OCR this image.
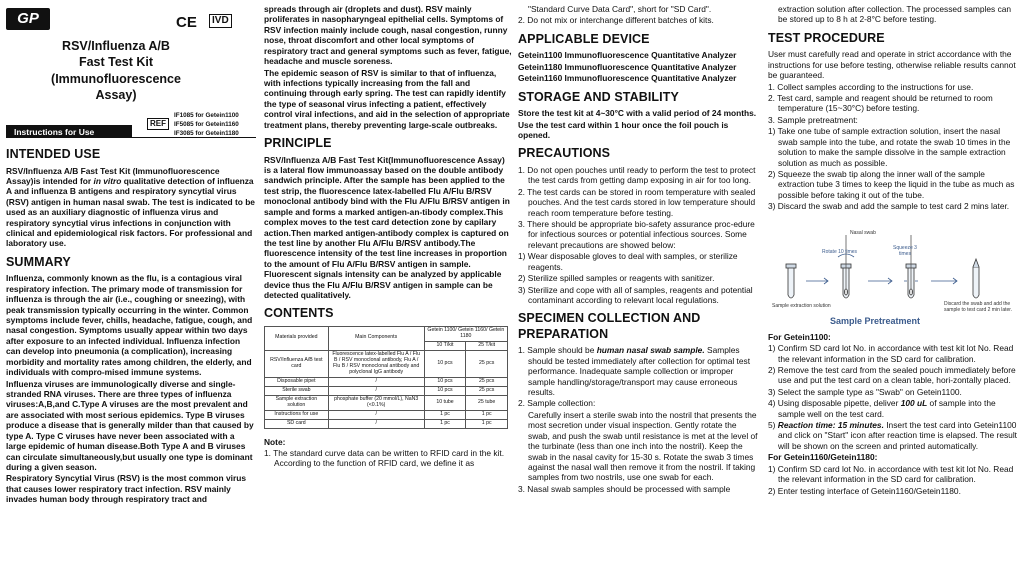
GP	CE	IVD
RSV/Influenza A/B
Fast Test Kit
(Immunofluorescence Assay)
REF
IF1085 for Getein1100
IF5085 for Getein1160
IF3085 for Getein1180
Instructions for Use
INTENDED USE

RSV/Influenza A/B Fast Test Kit (Immunofluorescence Assay)is intended for in vitro qualitative detection of influenza A and influenza B antigens and respiratory syncytial virus (RSV) antigen in human nasal swab. The test is indicated to be used as an auxiliary diagnostic of influenza virus and respiratory syncytial virus infections in conjunction with clinical and epidemiological risk factors. For professional and laboratory use.

SUMMARY

Influenza, commonly known as the flu, is a contagious viral respiratory infection. The primary mode of transmission for influenza is through the air (i.e., coughing or sneezing), with peak transmission typically occurring in the winter. Common symptoms include fever, chills, headache, fatigue, cough, and nasal congestion. Symptoms usually appear within two days after exposure to an infected individual. Influenza infection can develop into pneumonia (a complication), increasing morbidity and mortality rates among children, the elderly, and individuals with compro-mised immune systems.

Influenza viruses are immunologically diverse and single-stranded RNA viruses. There are three types of influenza viruses:A,B,and C.Type A viruses are the most prevalent and are associated with most serious epidemics. Type B viruses produce a disease that is generally milder than that caused by type A. Type C viruses have never been associated with a large epidemic of human disease.Both Type A and B viruses can circulate simultaneously,but usually one type is dominant during a given season.

Respiratory Syncytial Virus (RSV) is the most common virus that causes lower respiratory tract infection. RSV mainly invades human body through respiratory tract and

spreads through air (droplets and dust). RSV mainly proliferates in nasopharyngeal epithelial cells. Symptoms of RSV infection mainly include cough, nasal congestion, runny nose, throat discomfort and other local symptoms of respiratory tract and general symptoms such as fever, fatigue, headache and muscle soreness.

The epidemic season of RSV is similar to that of influenza, with infections typically increasing from the fall and continuing through early spring. The test can rapidly identify the type of seasonal virus infecting a patient, effectively control viral infections, and aid in the selection of appropriate treatment plans, thereby preventing large-scale outbreaks.

PRINCIPLE

RSV/Influenza A/B Fast Test Kit(Immunofluorescence Assay) is a lateral flow immunoassay based on the double antibody sandwich principle. After the sample has been applied to the test strip, the fluorescence latex-labelled Flu A/Flu B/RSV monoclonal antibody bind with the Flu A/Flu B/RSV antigen in sample and forms a marked antigen-an-tibody complex.This complex moves to the test card detection zone by capilary action.Then marked antigen-antibody complex is captured on the test line by another Flu A/Flu B/RSV antibody.The fluorescence intensity of the test line increases in proportion to the amount of Flu A/Flu B/RSV antigen in sample. Fluorescent signals intensity can be analyzed by applicable device thus the Flu A/Flu B/RSV antigen in sample can be detected qualitatively.

CONTENTS
Materials provided	Main Components	Getein 1100/ Getein 1160/ Getein 1180	
		10 T/kit	25 T/kit
RSV/Influenza A/B test card	Fluorescence latex-labelled Flu A / Flu B / RSV monoclonal antibody, Flu A / Flu B / RSV monoclonal antibody and polyclonal IgG antibody	10 pcs	25 pcs
Disposable pipet	/	10 pcs	25 pcs
Sterile swab	/	10 pcs	25 pcs
Sample extraction solution	phosphate buffer (20 mmol/L), NaN3 (<0.1%)	10 tube	25 tube
Instructions for use	/	1 pc	1 pc
SD card	/	1 pc	1 pc

Note:

1. The standard curve data can be written to RFID card in the kit. According to the function of RFID card, we define it as

"Standard Curve Data Card", short for "SD Card".

2. Do not mix or interchange different batches of kits.

APPLICABLE DEVICE

Getein1100 Immunofluorescence Quantitative Analyzer

Getein1180 Immunofluorescence Quantitative Analyzer

Getein1160 Immunofluorescence Quantitative Analyzer

STORAGE AND STABILITY

Store the test kit at 4~30°C with a valid period of 24 months.

Use the test card within 1 hour once the foil pouch is opened.

PRECAUTIONS

1. Do not open pouches until ready to perform the test to protect the test cards from getting damp exposing in air for too long.

2. The test cards can be stored in room temperature with sealed pouches. And the test cards stored in low temperature should reach room temperature before testing.

3. There should be appropriate bio-safety assurance proc-edure for infectious sources or potential infectious sources. Some relevant precautions are showed below:

1) Wear disposable gloves to deal with samples, or sterilize reagents.

2) Sterilize spilled samples or reagents with sanitizer.

3) Sterilize and cope with all of samples, reagents and potential contaminant according to relevant local regulations.

SPECIMEN COLLECTION AND PREPARATION

1. Sample should be human nasal swab sample. Samples should be tested immediately after collection for optimal test performance. Inadequate sample collection or improper sample handling/storage/transport may cause erroneous results.

2. Sample collection:

Carefully insert a sterile swab into the nostril that presents the most secretion under visual inspection. Gently rotate the swab, and push the swab until resistance is met at the level of the turbinate (less than one inch into the nostril). Keep the swab in the nasal cavity for 15-30 s. Rotate the swab 3 times against the nasal wall then remove it from the nostril. If taking samples from two nostrils, use one swab for each.

3. Nasal swab samples should be processed with sample

extraction solution after collection. The processed samples can be stored up to 8 h at 2-8°C before testing.

TEST PROCEDURE

User must carefully read and operate in strict accordance with the instructions for use before testing, otherwise reliable results cannot be guaranteed.

1. Collect samples according to the instructions for use.

2. Test card, sample and reagent should be returned to room temperature (15~30°C) before testing.

3. Sample pretreatment:

1) Take one tube of sample extraction solution, insert the nasal swab sample into the tube, and rotate the swab 10 times in the solution to make the sample dissolve in the sample extraction solution as much as possible.

2) Squeeze the swab tip along the inner wall of the sample extraction tube 3 times to keep the liquid in the tube as much as possible before taking it out of the tube.

3) Discard the swab and add the sample to test card 2 mins later.

Nasal swab
Rotate 10 times
Squeeze 3 times
Sample extraction solution	Discard the swab and add the sample to test card 2 min later.
Sample Pretreatment

For Getein1100:

1) Confirm SD card lot No. in accordance with test kit lot No. Read the relevant information in the SD card for calibration.

2) Remove the test card from the sealed pouch immediately before use and put the test card on a clean table, hori-zontally placed.

3) Select the sample type as "Swab" on Getein1100.

4) Using disposable pipette, deliver 100 uL of sample into the sample well on the test card.

5) Reaction time: 15 minutes. Insert the test card into Getein1100 and click on "Start" icon after reaction time is elapsed. The result will be shown on the screen and printed automatically.

For Getein1160/Getein1180:

1) Confirm SD card lot No. in accordance with test kit lot No. Read the relevant information in the SD card for calibration.

2) Enter testing interface of Getein1160/Getein1180.
